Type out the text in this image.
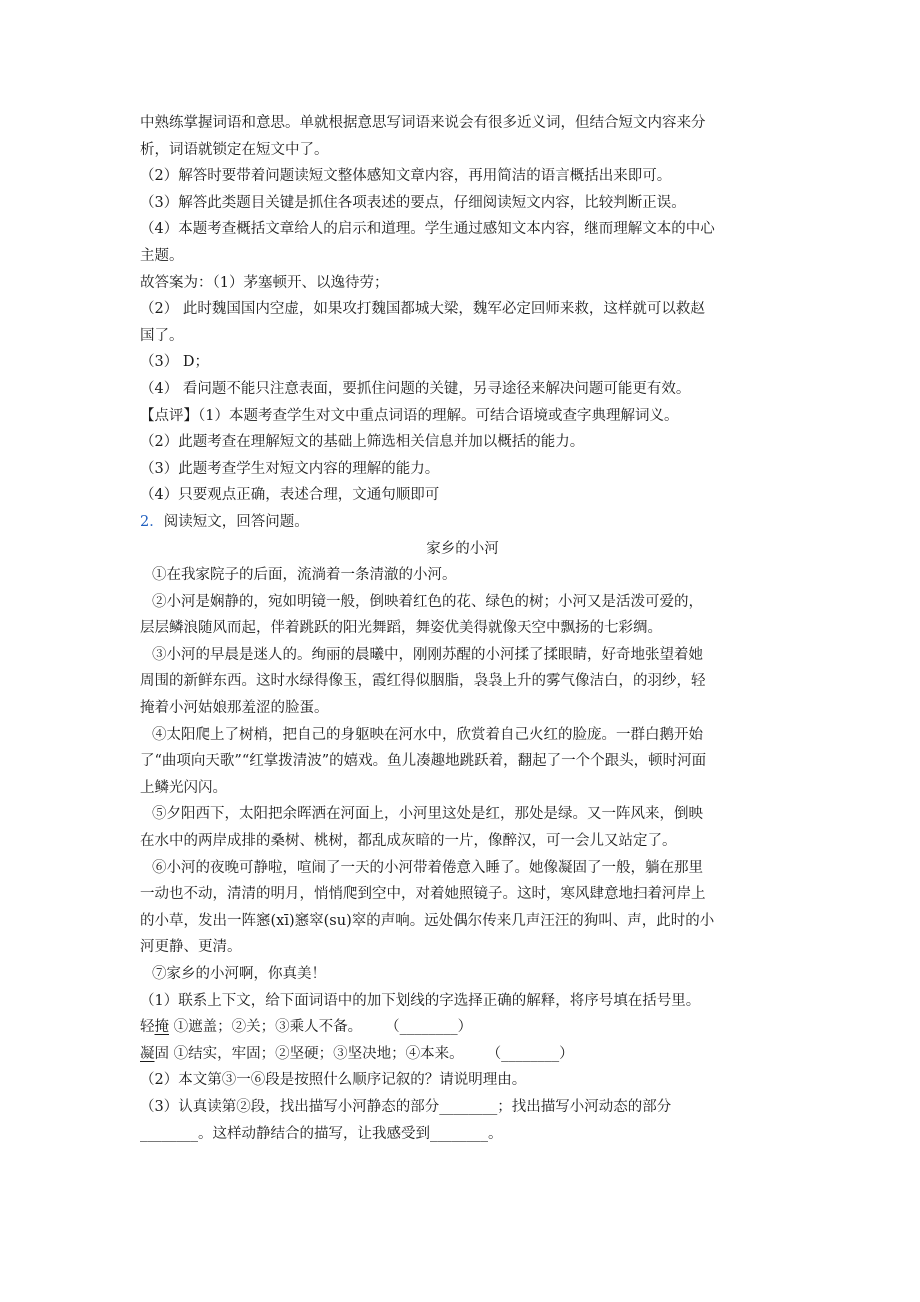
中熟练掌握词语和意思。单就根据意思写词语来说会有很多近义词，但结合短文内容来分
析，词语就锁定在短文中了。
（2）解答时要带着问题读短文整体感知文章内容，再用简洁的语言概括出来即可。
（3）解答此类题目关键是抓住各项表述的要点，仔细阅读短文内容，比较判断正误。
（4）本题考查概括文章给人的启示和道理。学生通过感知文本内容，继而理解文本的中心
主题。
故答案为：（1）茅塞顿开、以逸待劳；
（2） 此时魏国国内空虚，如果攻打魏国都城大梁，魏军必定回师来救，这样就可以救赵
国了。
（3） D；
（4） 看问题不能只注意表面，要抓住问题的关键，另寻途径来解决问题可能更有效。
【点评】（1）本题考查学生对文中重点词语的理解。可结合语境或查字典理解词义。
（2）此题考查在理解短文的基础上筛选相关信息并加以概括的能力。
（3）此题考查学生对短文内容的理解的能力。
（4）只要观点正确，表述合理，文通句顺即可
2．阅读短文，回答问题。
家乡的小河
①在我家院子的后面，流淌着一条清澈的小河。
②小河是娴静的，宛如明镜一般，倒映着红色的花、绿色的树；小河又是活泼可爱的，
层层鳞浪随风而起，伴着跳跃的阳光舞蹈，舞姿优美得就像天空中飘扬的七彩绸。
③小河的早晨是迷人的。绚丽的晨曦中，刚刚苏醒的小河揉了揉眼睛，好奇地张望着她
周围的新鲜东西。这时水绿得像玉，霞红得似胭脂，袅袅上升的雾气像洁白，的羽纱，轻
掩着小河姑娘那羞涩的脸蛋。
④太阳爬上了树梢，把自己的身躯映在河水中，欣赏着自己火红的脸庞。一群白鹅开始
了“曲项向天歌”“红掌拨清波”的嬉戏。鱼儿凑趣地跳跃着，翻起了一个个跟头，顿时河面
上鳞光闪闪。
⑤夕阳西下，太阳把余晖洒在河面上，小河里这处是红，那处是绿。又一阵风来，倒映
在水中的两岸成排的桑树、桃树，都乱成灰暗的一片，像醉汉，可一会儿又站定了。
⑥小河的夜晚可静啦，喧闹了一天的小河带着倦意入睡了。她像凝固了一般，躺在那里
一动也不动，清清的明月，悄悄爬到空中，对着她照镜子。这时，寒风肆意地扫着河岸上
的小草，发出一阵窸(xī)窸窣(su)窣的声响。远处偶尔传来几声汪汪的狗叫、声，此时的小
河更静、更清。
⑦家乡的小河啊，你真美！
（1）联系上下文，给下面词语中的加下划线的字选择正确的解释，将序号填在括号里。
轻掩 ①遮盖；②关；③乘人不备。 （________）
凝固 ①结实，牢固；②坚硬；③坚决地；④本来。 （________）
（2）本文第③一⑥段是按照什么顺序记叙的？请说明理由。
（3）认真读第②段，找出描写小河静态的部分________；找出描写小河动态的部分
________。这样动静结合的描写，让我感受到________。
